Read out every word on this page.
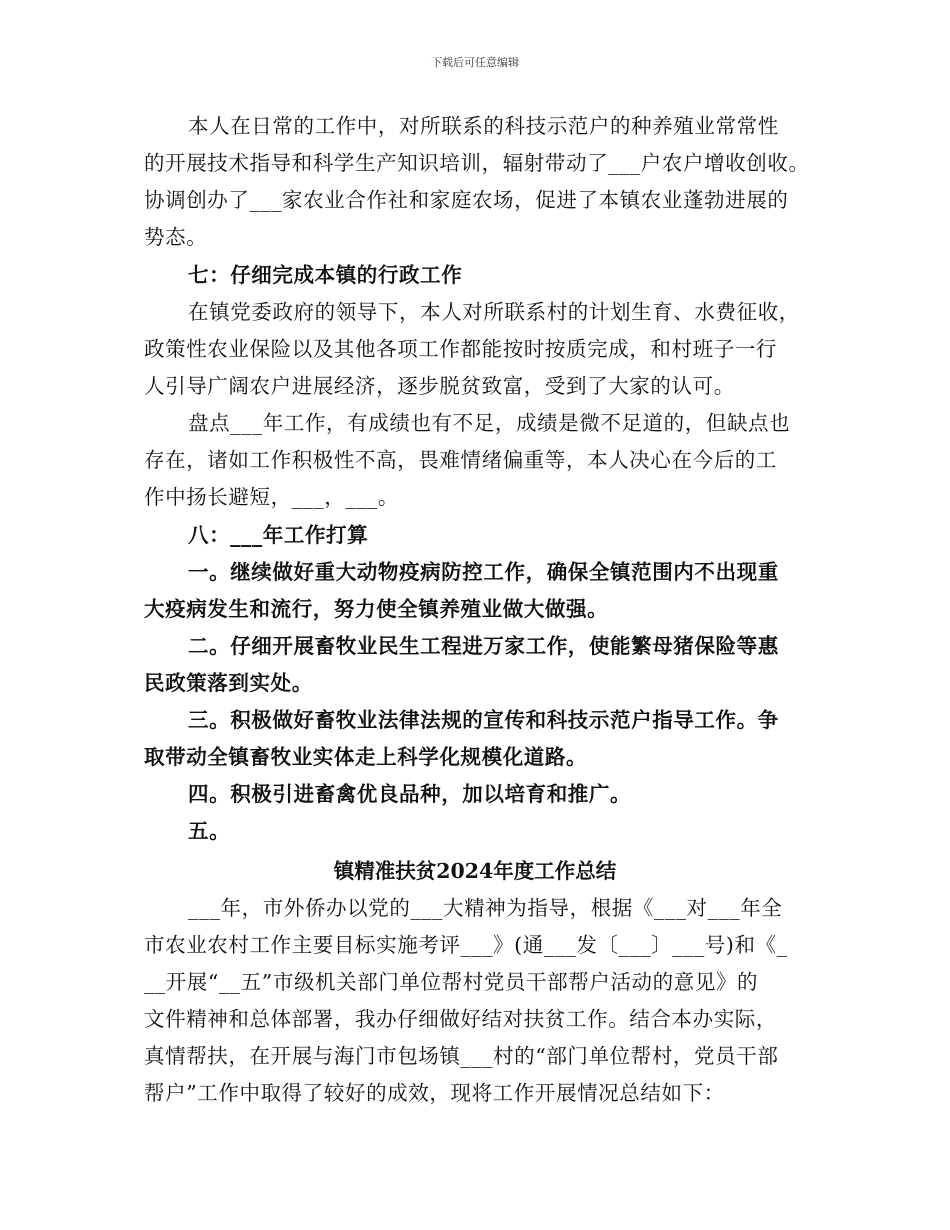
下载后可任意编辑
本人在日常的工作中，对所联系的科技示范户的种养殖业常常性
的开展技术指导和科学生产知识培训，辐射带动了___户农户增收创收。
协调创办了___家农业合作社和家庭农场，促进了本镇农业蓬勃进展的
势态。
七：仔细完成本镇的行政工作
在镇党委政府的领导下，本人对所联系村的计划生育、水费征收，
政策性农业保险以及其他各项工作都能按时按质完成，和村班子一行
人引导广阔农户进展经济，逐步脱贫致富，受到了大家的认可。
盘点___年工作，有成绩也有不足，成绩是微不足道的，但缺点也
存在，诸如工作积极性不高，畏难情绪偏重等，本人决心在今后的工
作中扬长避短，___，___。
八：___年工作打算
一。继续做好重大动物疫病防控工作，确保全镇范围内不出现重
大疫病发生和流行，努力使全镇养殖业做大做强。
二。仔细开展畜牧业民生工程进万家工作，使能繁母猪保险等惠
民政策落到实处。
三。积极做好畜牧业法律法规的宣传和科技示范户指导工作。争
取带动全镇畜牧业实体走上科学化规模化道路。
四。积极引进畜禽优良品种，加以培育和推广。
五。
镇精准扶贫2024年度工作总结
___年，市外侨办以党的___大精神为指导，根据《___对___年全
市农业农村工作主要目标实施考评___》(通___发〔___〕___号)和《_
__开展“__五”市级机关部门单位帮村党员干部帮户活动的意见》的
文件精神和总体部署，我办仔细做好结对扶贫工作。结合本办实际，
真情帮扶，在开展与海门市包场镇___村的“部门单位帮村，党员干部
帮户”工作中取得了较好的成效，现将工作开展情况总结如下：
